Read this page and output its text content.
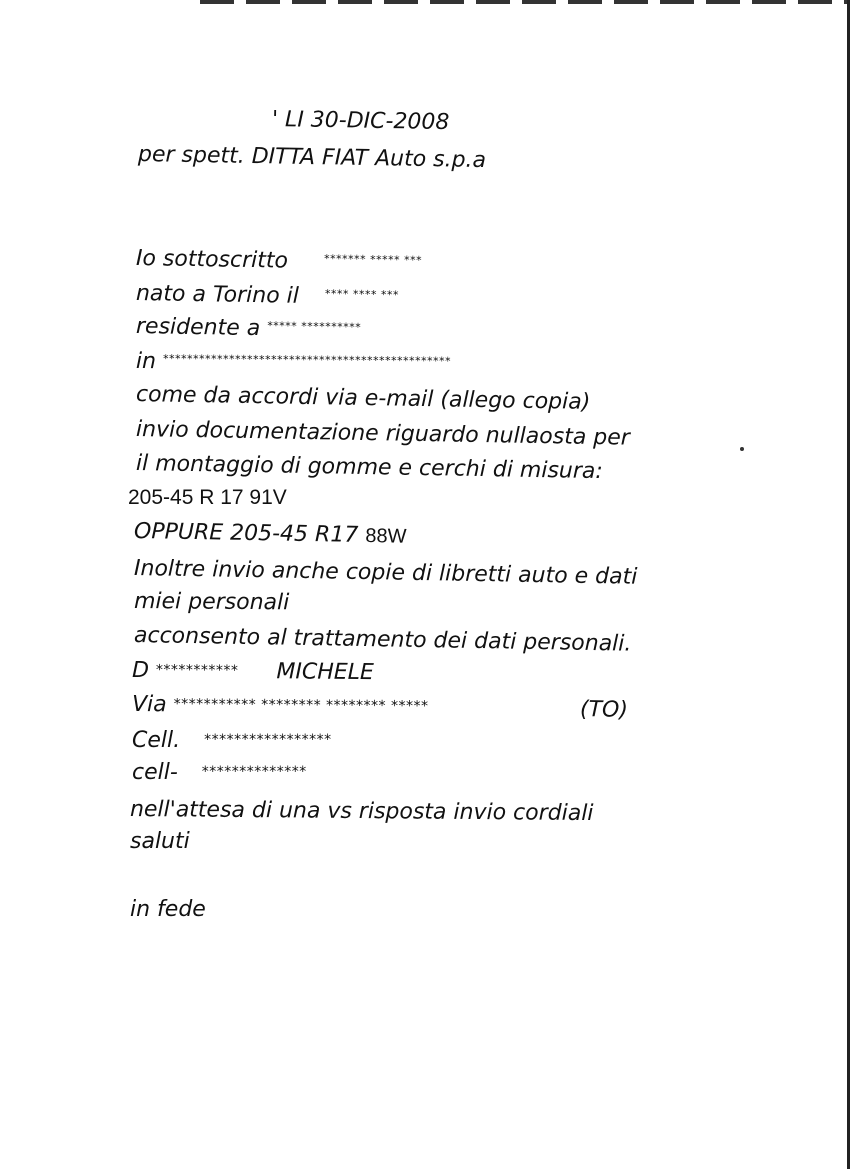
' LI 30-DIC-2008
per spett. DITTA FIAT Auto s.p.a
Io sottoscritto	******* ***** ***
nato a Torino il **** **** ***
residente a ***** **********
in ************************************************
come da accordi via e-mail (allego copia)
invio documentazione riguardo nullaosta per
il montaggio di gomme e cerchi di misura:
205-45 R 17 91V
OPPURE 205-45 R17 88W
Inoltre invio anche copie di libretti auto e dati
miei personali
acconsento al trattamento dei dati personali.
D *********** MICHELE
Via *********** ******** ******** *****	(TO)
Cell. *****************
cell- **************
nell'attesa di una vs risposta invio cordiali
saluti
in fede
